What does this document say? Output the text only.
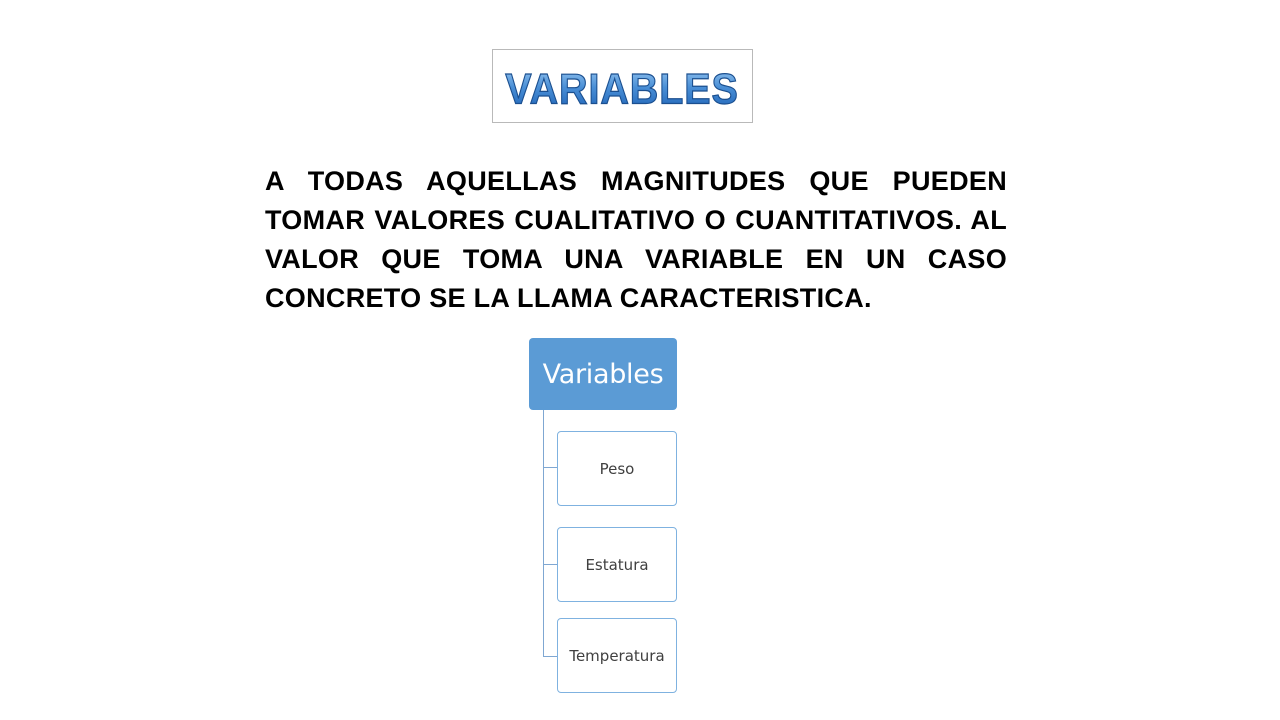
VARIABLES

A TODAS AQUELLAS MAGNITUDES QUE PUEDEN TOMAR VALORES CUALITATIVO O CUANTITATIVOS. AL VALOR QUE TOMA UNA VARIABLE EN UN CASO CONCRETO SE LA LLAMA CARACTERISTICA.

Variables
Peso
Estatura
Temperatura
